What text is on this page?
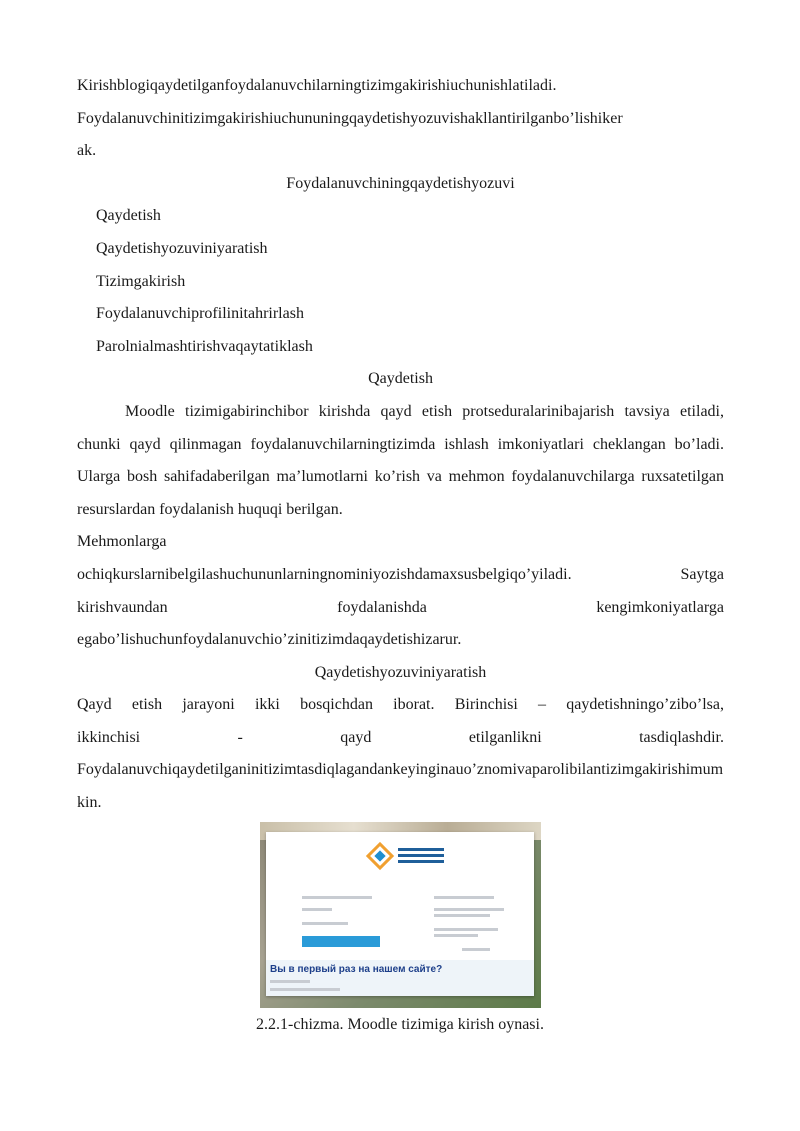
Kirishblogiqaydetilganfoydalanuvchilarningtizimgakirishiuchunishlatiladi.

Foydalanuvchinitizimgakirishiuchununingqaydetishyozuvishakllantirilganbo’lishiker

ak.

Foydalanuvchiningqaydetishyozuvi

Qaydetish

Qaydetishyozuviniyaratish

Tizimgakirish

Foydalanuvchiprofilinitahrirlash

Parolnialmashtirishvaqaytatiklash

Qaydetish

Moodle tizimigabirinchibor kirishda qayd etish protseduralarinibajarish tavsiya etiladi, chunki qayd qilinmagan foydalanuvchilarningtizimda ishlash imkoniyatlari cheklangan bo’ladi. Ularga bosh sahifadaberilgan ma’lumotlarni ko’rish va mehmon foydalanuvchilarga ruxsatetilgan resurslardan foydalanish huquqi berilgan.

Mehmonlarga

ochiqkurslarnibelgilashuchununlarningnominiyozishdamaxsusbelgiqo’yiladi. Saytga

kirishvaundan	foydalanishda	kengimkoniyatlarga

egabo’lishuchunfoydalanuvchio’zinitizimdaqaydetishizarur.

Qaydetishyozuviniyaratish

Qayd etish jarayoni ikki bosqichdan iborat. Birinchisi – qaydetishningo’zibo’lsa,

ikkinchisi	-	qayd	etilganlikni	tasdiqlashdir.

Foydalanuvchiqaydetilganinitizimtasdiqlagandankeyinginauo’znomivaparolibilantizimgakirishimumkin.

Вы в первый раз на нашем сайте?

2.2.1-chizma. Moodle tizimiga kirish oynasi.
